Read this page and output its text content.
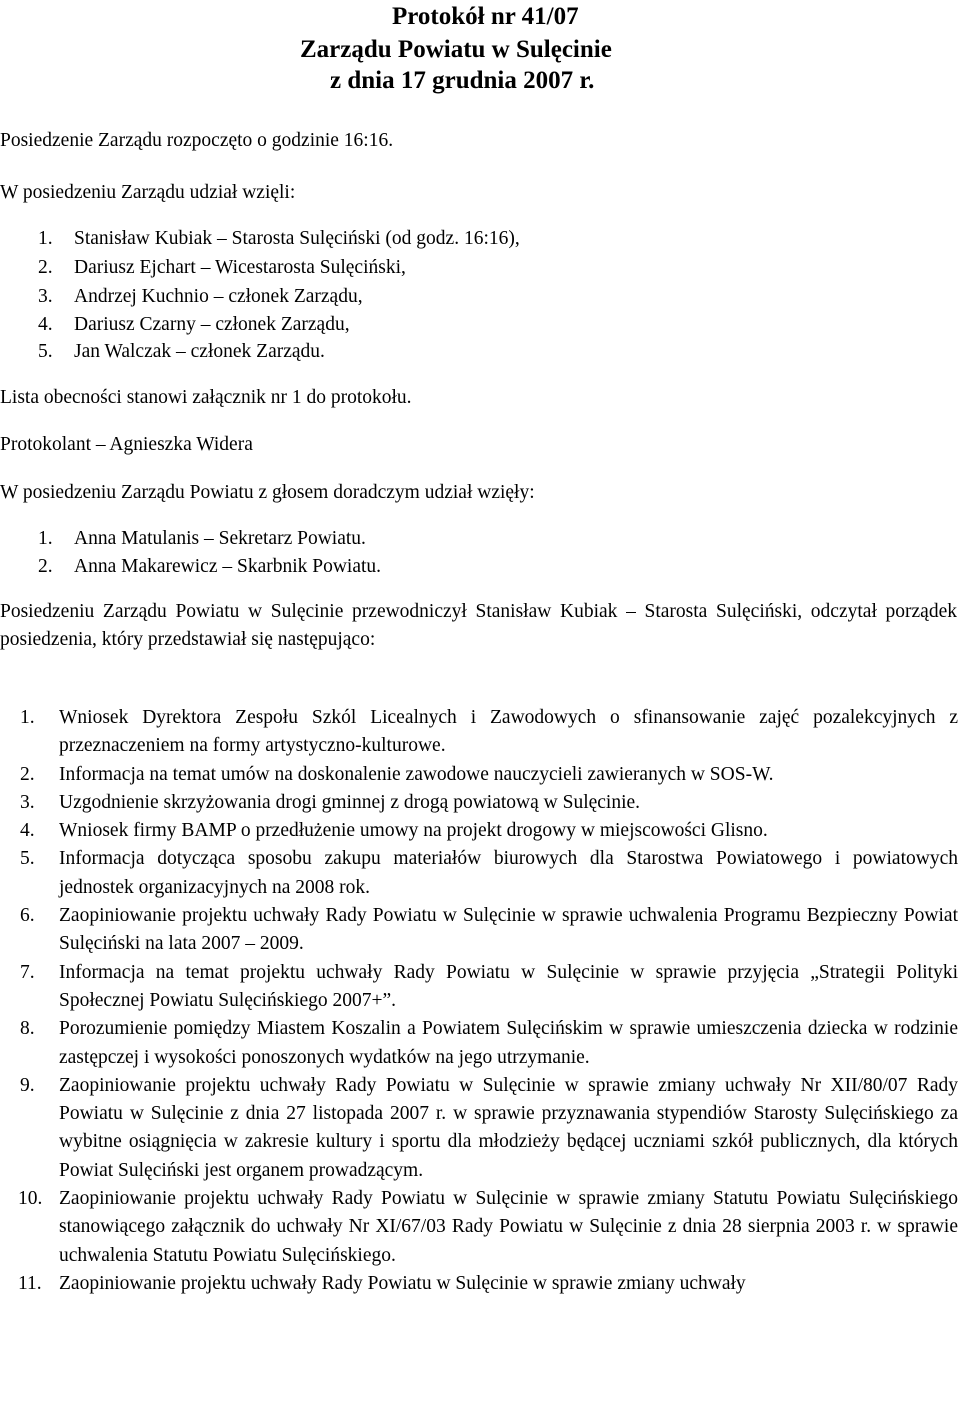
Protokół nr 41/07
Zarządu Powiatu w Sulęcinie
z dnia 17 grudnia 2007 r.
Posiedzenie Zarządu rozpoczęto o godzinie 16:16.
W posiedzeniu Zarządu udział wzięli:
1. Stanisław Kubiak – Starosta Sulęciński (od godz. 16:16),
2. Dariusz Ejchart – Wicestarosta Sulęciński,
3. Andrzej Kuchnio – członek Zarządu,
4. Dariusz Czarny – członek Zarządu,
5. Jan Walczak – członek Zarządu.
Lista obecności stanowi załącznik nr 1 do protokołu.
Protokolant – Agnieszka Widera
W posiedzeniu Zarządu Powiatu z głosem doradczym udział wzięły:
1. Anna Matulanis – Sekretarz Powiatu.
2. Anna Makarewicz – Skarbnik Powiatu.
Posiedzeniu Zarządu Powiatu w Sulęcinie przewodniczył Stanisław Kubiak – Starosta Sulęciński, odczytał porządek posiedzenia, który przedstawiał się następująco:

1. Wniosek Dyrektora Zespołu Szkól Licealnych i Zawodowych o sfinansowanie zajęć pozalekcyjnych z przeznaczeniem na formy artystyczno-kulturowe.

2. Informacja na temat umów na doskonalenie zawodowe nauczycieli zawieranych w SOS-W.

3. Uzgodnienie skrzyżowania drogi gminnej z drogą powiatową w Sulęcinie.

4. Wniosek firmy BAMP o przedłużenie umowy na projekt drogowy w miejscowości Glisno.

5. Informacja dotycząca sposobu zakupu materiałów biurowych dla Starostwa Powiatowego i powiatowych jednostek organizacyjnych na 2008 rok.

6. Zaopiniowanie projektu uchwały Rady Powiatu w Sulęcinie w sprawie uchwalenia Programu Bezpieczny Powiat Sulęciński na lata 2007 – 2009.

7. Informacja na temat projektu uchwały Rady Powiatu w Sulęcinie w sprawie przyjęcia „Strategii Polityki Społecznej Powiatu Sulęcińskiego 2007+”.

8. Porozumienie pomiędzy Miastem Koszalin a Powiatem Sulęcińskim w sprawie umieszczenia dziecka w rodzinie zastępczej i wysokości ponoszonych wydatków na jego utrzymanie.

9. Zaopiniowanie projektu uchwały Rady Powiatu w Sulęcinie w sprawie zmiany uchwały Nr XII/80/07 Rady Powiatu w Sulęcinie z dnia 27 listopada 2007 r. w sprawie przyznawania stypendiów Starosty Sulęcińskiego za wybitne osiągnięcia w zakresie kultury i sportu dla młodzieży będącej uczniami szkół publicznych, dla których Powiat Sulęciński jest organem prowadzącym.

10. Zaopiniowanie projektu uchwały Rady Powiatu w Sulęcinie w sprawie zmiany Statutu Powiatu Sulęcińskiego stanowiącego załącznik do uchwały Nr XI/67/03 Rady Powiatu w Sulęcinie z dnia 28 sierpnia 2003 r. w sprawie uchwalenia Statutu Powiatu Sulęcińskiego.

11. Zaopiniowanie projektu uchwały Rady Powiatu w Sulęcinie w sprawie zmiany uchwały
